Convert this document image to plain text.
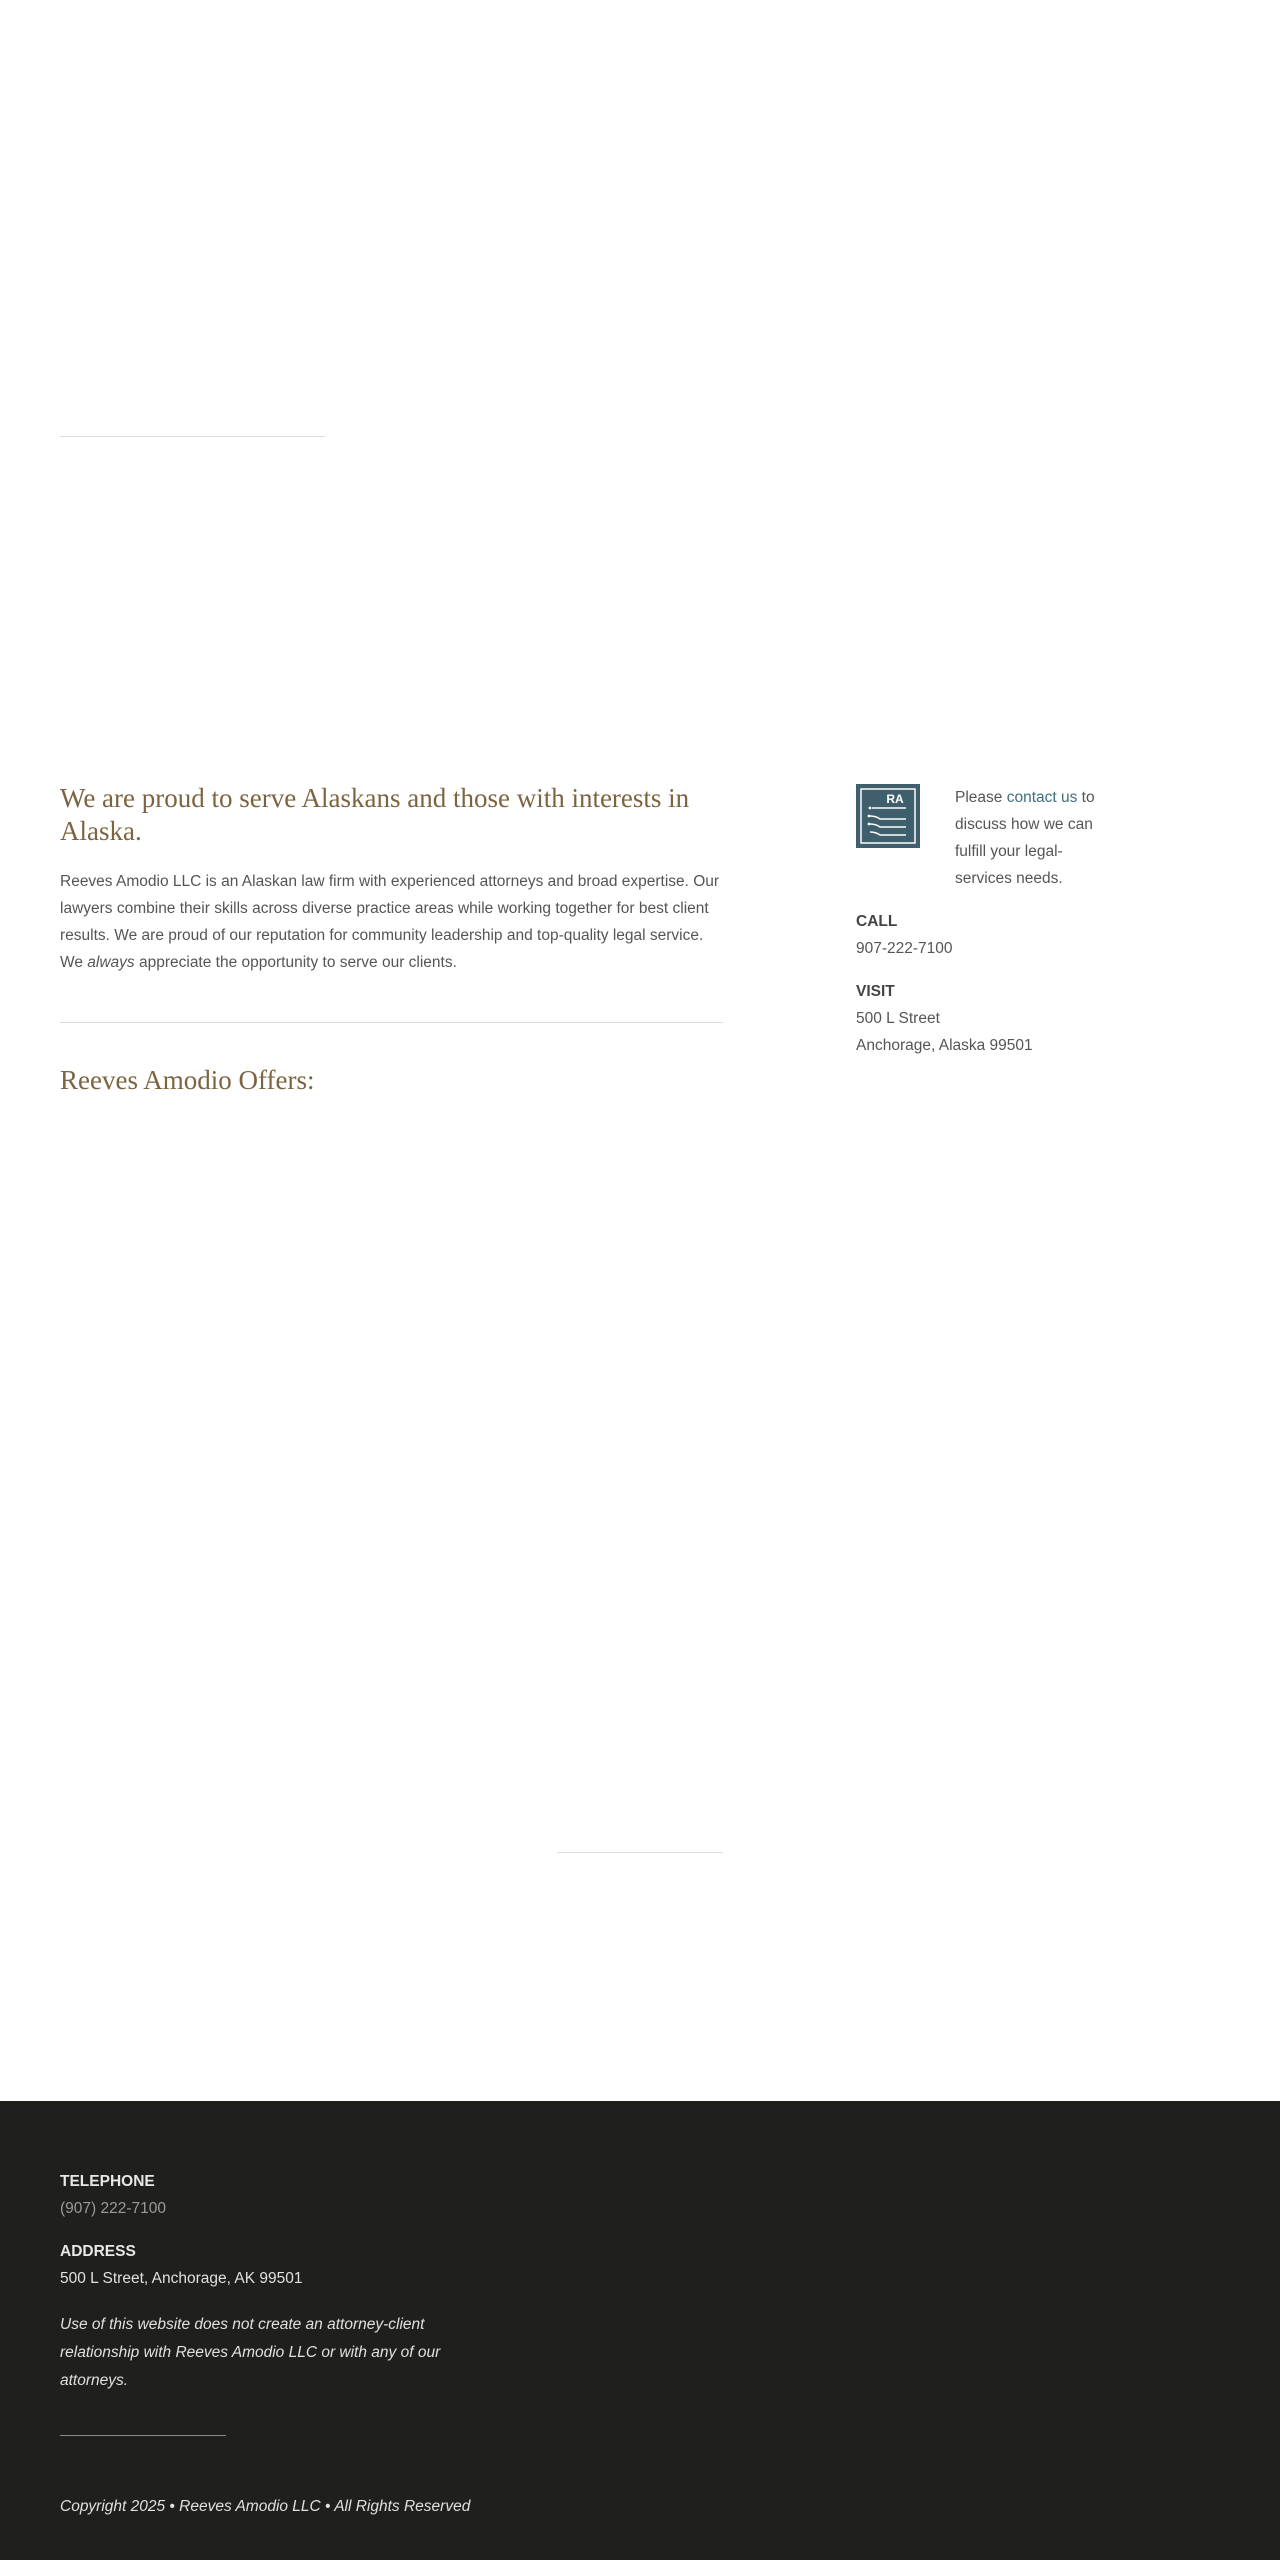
We are proud to serve Alaskans and those with interests in Alaska.

Reeves Amodio LLC is an Alaskan law firm with experienced attorneys and broad expertise. Our lawyers combine their skills across diverse practice areas while working together for best client results. We are proud of our reputation for community leadership and top-quality legal service. We always appreciate the opportunity to serve our clients.

Reeves Amodio Offers:
RA	Please contact us to discuss how we can fulfill your legal-services needs.
CALL
907-222-7100
VISIT
500 L Street
Anchorage, Alaska 99501
TELEPHONE
(907) 222-7100
ADDRESS
500 L Street, Anchorage, AK 99501

Use of this website does not create an attorney-client relationship with Reeves Amodio LLC or with any of our attorneys.

Copyright 2025 • Reeves Amodio LLC • All Rights Reserved
